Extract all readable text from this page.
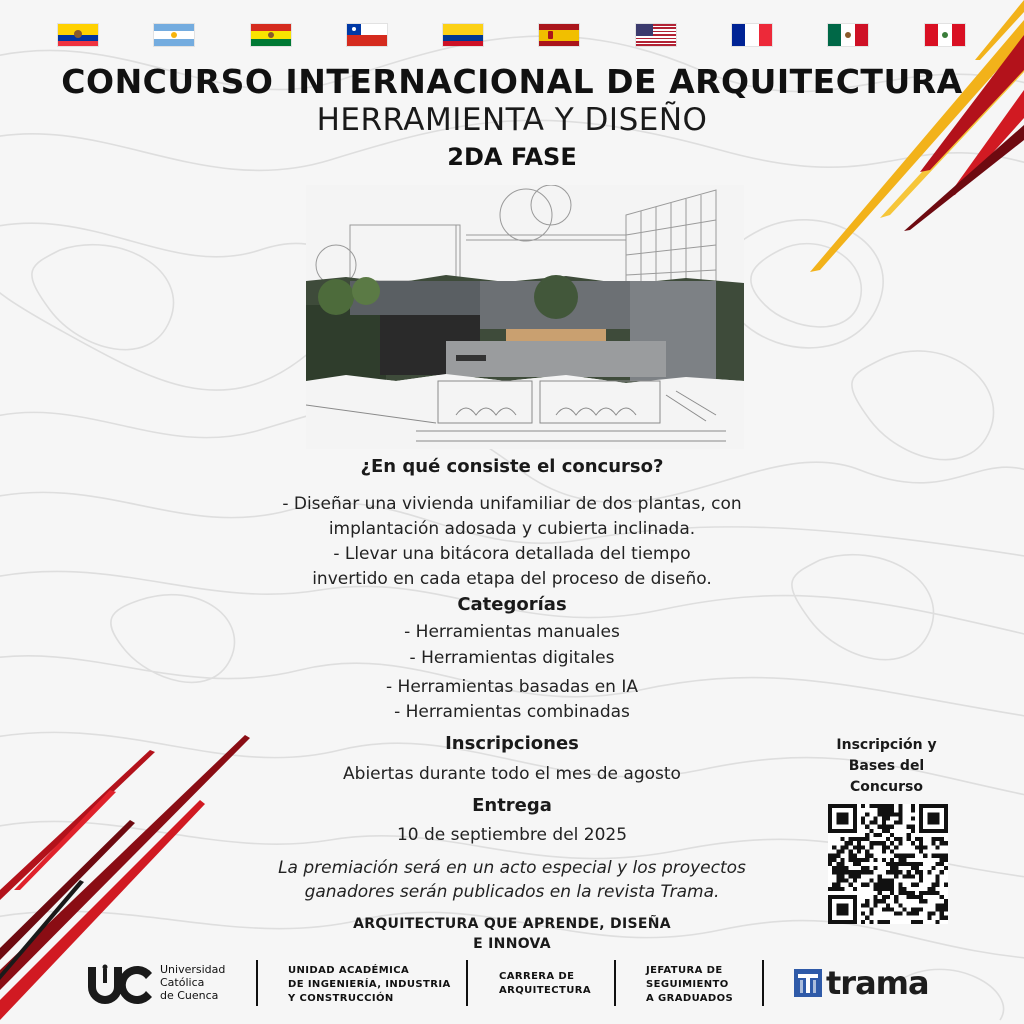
CONCURSO INTERNACIONAL DE ARQUITECTURA
HERRAMIENTA Y DISEÑO
2DA FASE
¿En qué consiste el concurso?
- Diseñar una vivienda unifamiliar de dos plantas, con
implantación adosada y cubierta inclinada.
- Llevar una bitácora detallada del tiempo
invertido en cada etapa del proceso de diseño.
Categorías
- Herramientas manuales
- Herramientas digitales
- Herramientas basadas en IA
- Herramientas combinadas
Inscripciones
Abiertas durante todo el mes de agosto
Entrega
10 de septiembre del 2025
La premiación será en un acto especial y los proyectos
ganadores serán publicados en la revista Trama.
ARQUITECTURA QUE APRENDE, DISEÑA
E INNOVA
Inscripción y
Bases del
Concurso
Universidad
Católica
de Cuenca
UNIDAD ACADÉMICA
DE INGENIERÍA, INDUSTRIA
Y CONSTRUCCIÓN
CARRERA DE
ARQUITECTURA
JEFATURA DE
SEGUIMIENTO
A GRADUADOS	trama
